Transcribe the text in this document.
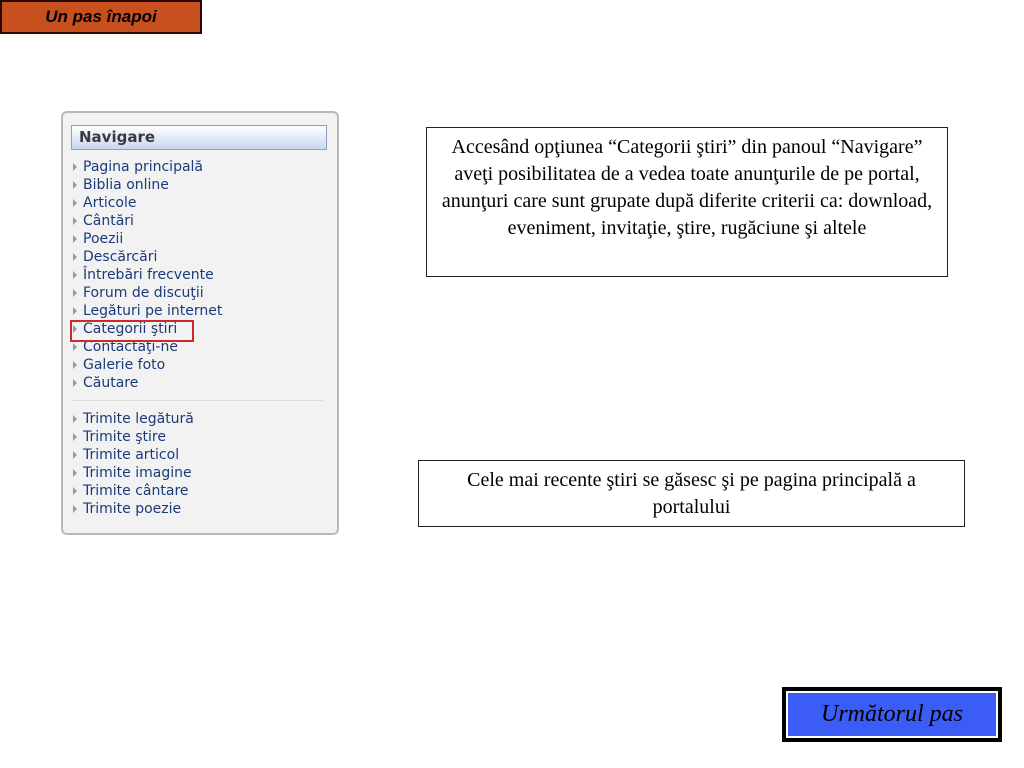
Un pas înapoi
Navigare
Pagina principală
Biblia online
Articole
Cântări
Poezii
Descărcări
Întrebări frecvente
Forum de discuţii
Legături pe internet
Categorii ştiri
Contactaţi-ne
Galerie foto
Căutare
Trimite legătură
Trimite ştire
Trimite articol
Trimite imagine
Trimite cântare
Trimite poezie
Accesând opţiunea “Categorii ştiri” din panoul “Navigare” aveţi posibilitatea de a vedea toate anunţurile de pe portal, anunţuri care sunt grupate după diferite criterii ca: download, eveniment, invitaţie, ştire, rugăciune şi altele
Cele mai recente ştiri se găsesc şi pe pagina principală a portalului
Următorul pas
